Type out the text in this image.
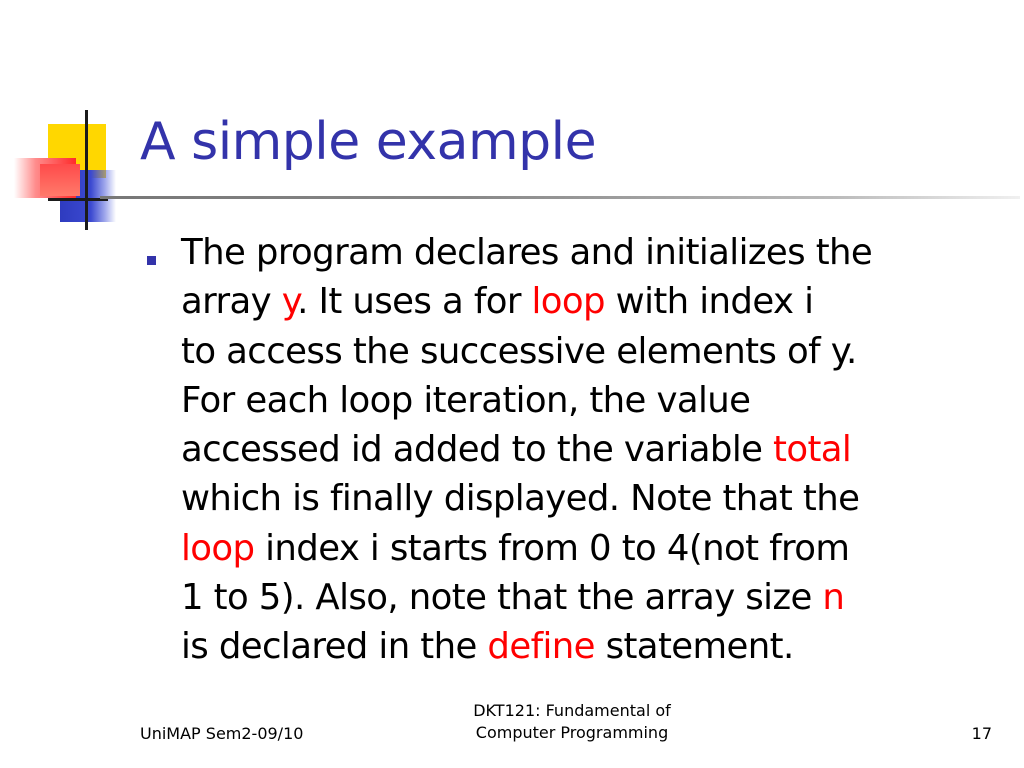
A simple example
The program declares and initializes the
array y. It uses a for loop with index i
to access the successive elements of y.
For each loop iteration, the value
accessed id added to the variable total
which is finally displayed. Note that the
loop index i starts from 0 to 4(not from
1 to 5). Also, note that the array size n
is declared in the define statement.
UniMAP Sem2-09/10
DKT121: Fundamental of
Computer Programming	17
